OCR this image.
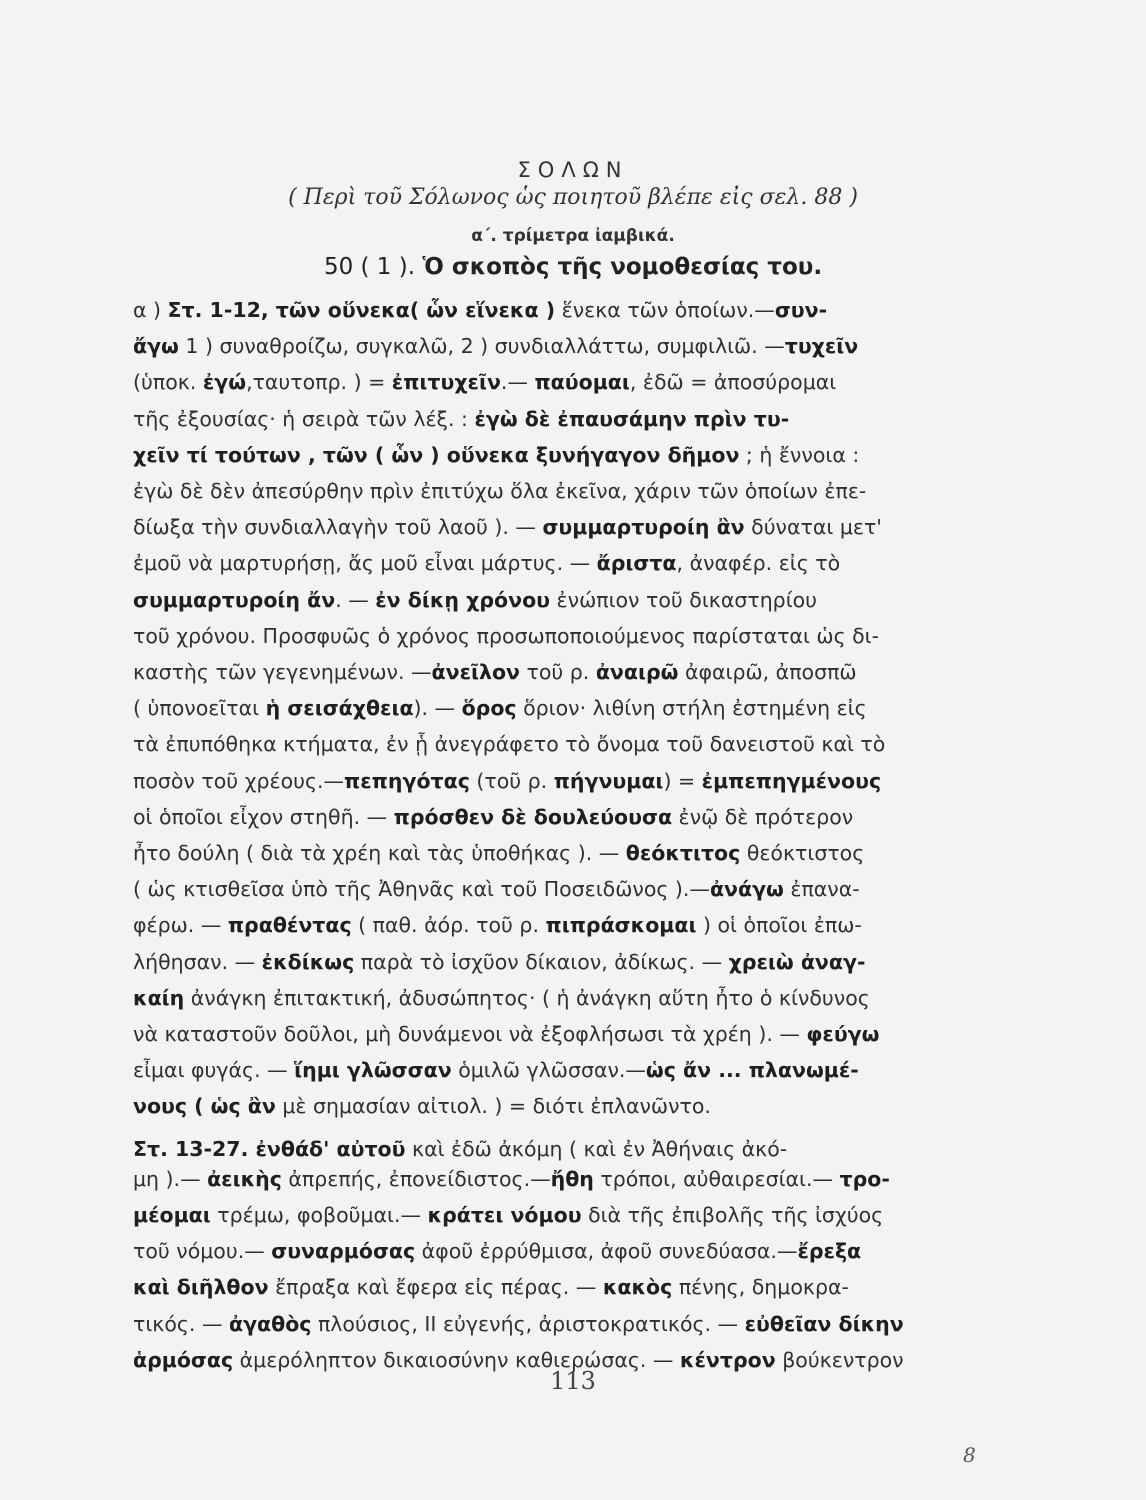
ΣΟΛΩΝ
( Περὶ τοῦ Σόλωνος ὡς ποιητοῦ βλέπε εἰς σελ. 88 )
α΄. τρίμετρα ἰαμβικά.
50 ( 1 ). Ὁ σκοπὸς τῆς νομοθεσίας του.
α ) Στ. 1-12, τῶν οὕνεκα( ὧν εἵνεκα ) ἕνεκα τῶν ὁποίων.—συν-
ἄγω 1 ) συναθροίζω, συγκαλῶ, 2 ) συνδιαλλάττω, συμφιλιῶ. —τυχεῖν
(ὑποκ. ἐγώ,ταυτοπρ. ) = ἐπιτυχεῖν.— παύομαι, ἐδῶ = ἀποσύρομαι
τῆς ἐξουσίας· ἡ σειρὰ τῶν λέξ. : ἐγὼ δὲ ἐπαυσάμην πρὶν τυ-
χεῖν τί τούτων , τῶν ( ὧν ) οὕνεκα ξυνήγαγον δῆμον ; ἡ ἔννοια :
ἐγὼ δὲ δὲν ἀπεσύρθην πρὶν ἐπιτύχω ὅλα ἐκεῖνα, χάριν τῶν ὁποίων ἐπε-
δίωξα τὴν συνδιαλλαγὴν τοῦ λαοῦ ). — συμμαρτυροίη ἂν δύναται μετ'
ἐμοῦ νὰ μαρτυρήσῃ, ἄς μοῦ εἶναι μάρτυς. — ἄριστα, ἀναφέρ. εἰς τὸ
συμμαρτυροίη ἄν. — ἐν δίκῃ χρόνου ἐνώπιον τοῦ δικαστηρίου
τοῦ χρόνου. Προσφυῶς ὁ χρόνος προσωποποιούμενος παρίσταται ὡς δι-
καστὴς τῶν γεγενημένων. —ἀνεῖλον τοῦ ρ. ἀναιρῶ ἀφαιρῶ, ἀποσπῶ
( ὑπονοεῖται ἡ σεισάχθεια). — ὅρος ὅριον· λιθίνη στήλη ἐστημένη εἰς
τὰ ἐπυπόθηκα κτήματα, ἐν ᾗ ἀνεγράφετο τὸ ὄνομα τοῦ δανειστοῦ καὶ τὸ
ποσὸν τοῦ χρέους.—πεπηγότας (τοῦ ρ. πήγνυμαι) = ἐμπεπηγμένους
οἱ ὁποῖοι εἶχον στηθῆ. — πρόσθεν δὲ δουλεύουσα ἐνῷ δὲ πρότερον
ἦτο δούλη ( διὰ τὰ χρέη καὶ τὰς ὑποθήκας ). — θεόκτιτος θεόκτιστος
( ὡς κτισθεῖσα ὑπὸ τῆς Ἀθηνᾶς καὶ τοῦ Ποσειδῶνος ).—ἀνάγω ἐπανα-
φέρω. — πραθέντας ( παθ. ἀόρ. τοῦ ρ. πιπράσκομαι ) οἱ ὁποῖοι ἐπω-
λήθησαν. — ἐκδίκως παρὰ τὸ ἰσχῦον δίκαιον, ἀδίκως. — χρειὼ ἀναγ-
καίη ἀνάγκη ἐπιτακτική, ἀδυσώπητος· ( ἡ ἀνάγκη αὕτη ἦτο ὁ κίνδυνος
νὰ καταστοῦν δοῦλοι, μὴ δυνάμενοι νὰ ἐξοφλήσωσι τὰ χρέη ). — φεύγω
εἶμαι φυγάς. — ἵημι γλῶσσαν ὁμιλῶ γλῶσσαν.—ὡς ἄν ... πλανωμέ-
νους ( ὡς ἂν μὲ σημασίαν αἰτιολ. ) = διότι ἐπλανῶντο.
Στ. 13-27. ἐνθάδ' αὐτοῦ καὶ ἐδῶ ἀκόμη ( καὶ ἐν Ἀθήναις ἀκό-
μη ).— ἀεικὴς ἀπρεπής, ἐπονείδιστος.—ἤθη τρόποι, αὐθαιρεσίαι.— τρο-
μέομαι τρέμω, φοβοῦμαι.— κράτει νόμου διὰ τῆς ἐπιβολῆς τῆς ἰσχύος
τοῦ νόμου.— συναρμόσας ἀφοῦ ἐρρύθμισα, ἀφοῦ συνεδύασα.—ἔρεξα
καὶ διῆλθον ἔπραξα καὶ ἔφερα εἰς πέρας. — κακὸς πένης, δημοκρα-
τικός. — ἀγαθὸς πλούσιος, II εὐγενής, ἀριστοκρατικός. — εὐθεῖαν δίκην
ἁρμόσας ἀμερόληπτον δικαιοσύνην καθιερώσας. — κέντρον βούκεντρον
113
8
